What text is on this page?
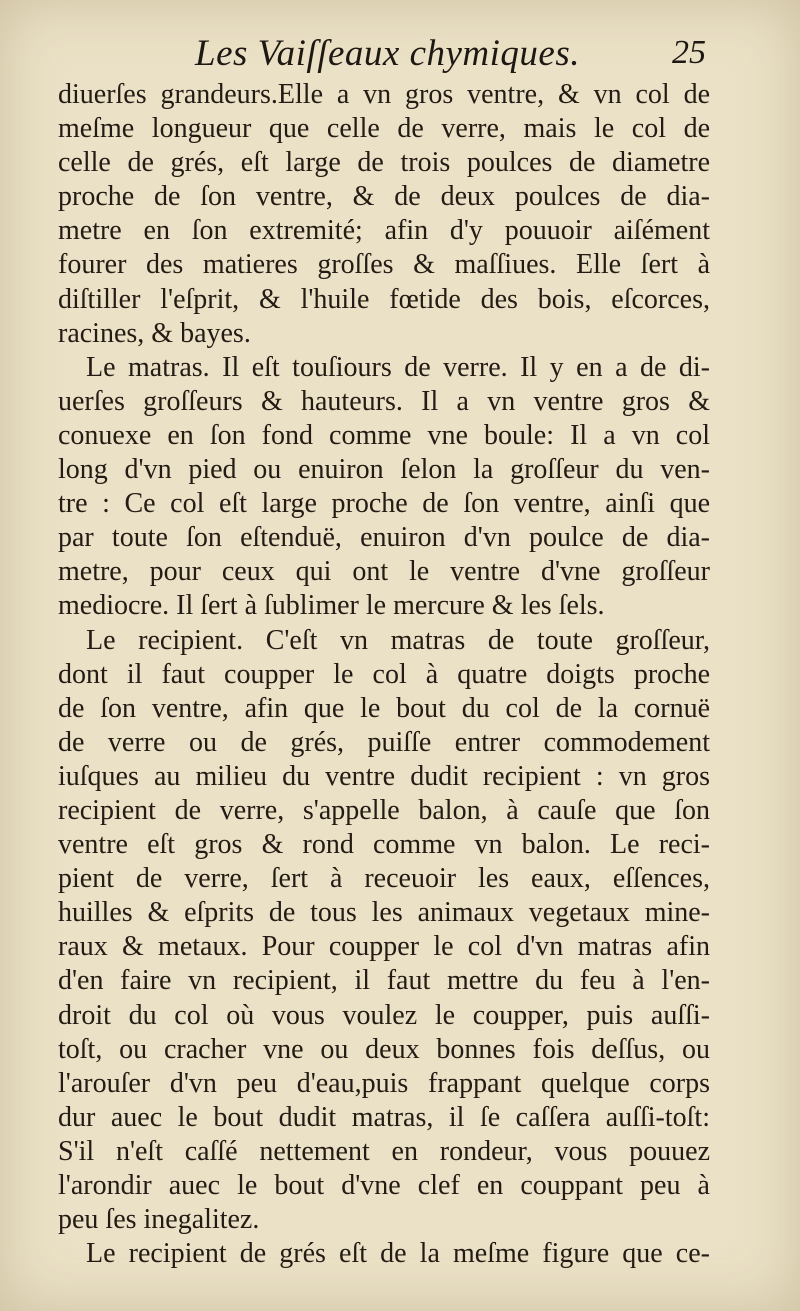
Les Vaiſſeaux chymiques.	25
diuerſes grandeurs.Elle a vn gros ventre, & vn col de
meſme longueur que celle de verre, mais le col de
celle de grés, eſt large de trois poulces de diametre
proche de ſon ventre, & de deux poulces de dia-
metre en ſon extremité; afin d'y pouuoir aiſément
fourer des matieres groſſes & maſſiues. Elle ſert à
diſtiller l'eſprit, & l'huile fœtide des bois, eſcorces,
racines, & bayes.
Le matras. Il eſt touſiours de verre. Il y en a de di-
uerſes groſſeurs & hauteurs. Il a vn ventre gros &
conuexe en ſon fond comme vne boule: Il a vn col
long d'vn pied ou enuiron ſelon la groſſeur du ven-
tre : Ce col eſt large proche de ſon ventre, ainſi que
par toute ſon eſtenduë, enuiron d'vn poulce de dia-
metre, pour ceux qui ont le ventre d'vne groſſeur
mediocre. Il ſert à ſublimer le mercure & les ſels.
Le recipient. C'eſt vn matras de toute groſſeur,
dont il faut coupper le col à quatre doigts proche
de ſon ventre, afin que le bout du col de la cornuë
de verre ou de grés, puiſſe entrer commodement
iuſques au milieu du ventre dudit recipient : vn gros
recipient de verre, s'appelle balon, à cauſe que ſon
ventre eſt gros & rond comme vn balon. Le reci-
pient de verre, ſert à receuoir les eaux, eſſences,
huilles & eſprits de tous les animaux vegetaux mine-
raux & metaux. Pour coupper le col d'vn matras afin
d'en faire vn recipient, il faut mettre du feu à l'en-
droit du col où vous voulez le coupper, puis auſſi-
toſt, ou cracher vne ou deux bonnes fois deſſus, ou
l'arouſer d'vn peu d'eau,puis frappant quelque corps
dur auec le bout dudit matras, il ſe caſſera auſſi-toſt:
S'il n'eſt caſſé nettement en rondeur, vous pouuez
l'arondir auec le bout d'vne clef en couppant peu à
peu ſes inegalitez.
Le recipient de grés eſt de la meſme figure que ce-
